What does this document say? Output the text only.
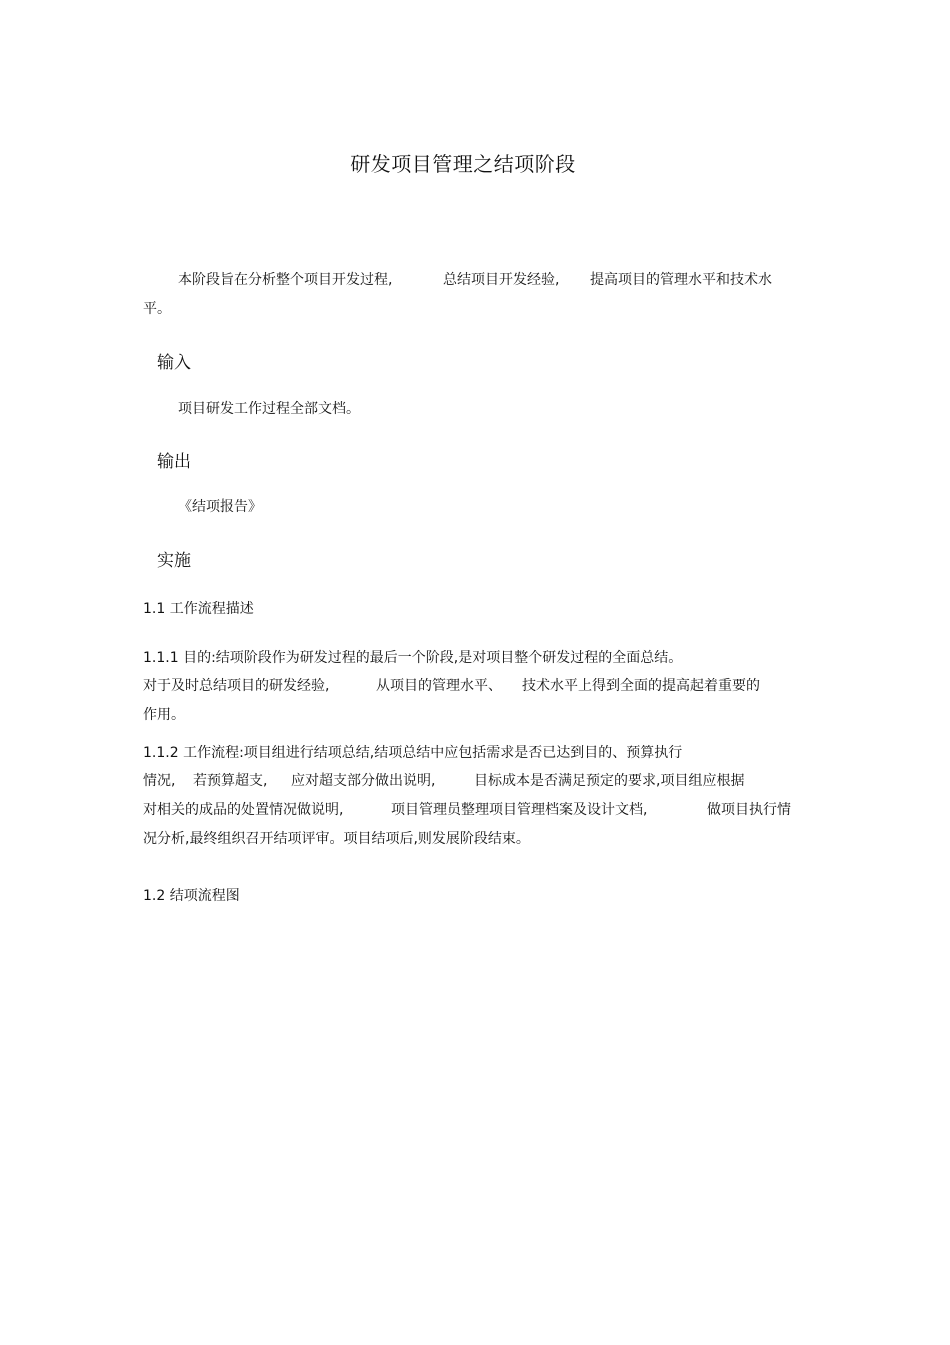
研发项目管理之结项阶段
本阶段旨在分析整个项目开发过程,	总结项目开发经验, 提高项目的管理水平和技术水
平。
输入
项目研发工作过程全部文档。
输出
《结项报告》
实施
1.1 工作流程描述
1.1.1 目的:结项阶段作为研发过程的最后一个阶段,是对项目整个研发过程的全面总结。
对于及时总结项目的研发经验,	从项目的管理水平、 技术水平上得到全面的提高起着重要的
作用。
1.1.2 工作流程:项目组进行结项总结,结项总结中应包括需求是否已达到目的、预算执行
情况, 若预算超支, 应对超支部分做出说明,	目标成本是否满足预定的要求,项目组应根据
对相关的成品的处置情况做说明,	项目管理员整理项目管理档案及设计文档,	做项目执行情
况分析,最终组织召开结项评审。项目结项后,则发展阶段结束。
1.2 结项流程图
